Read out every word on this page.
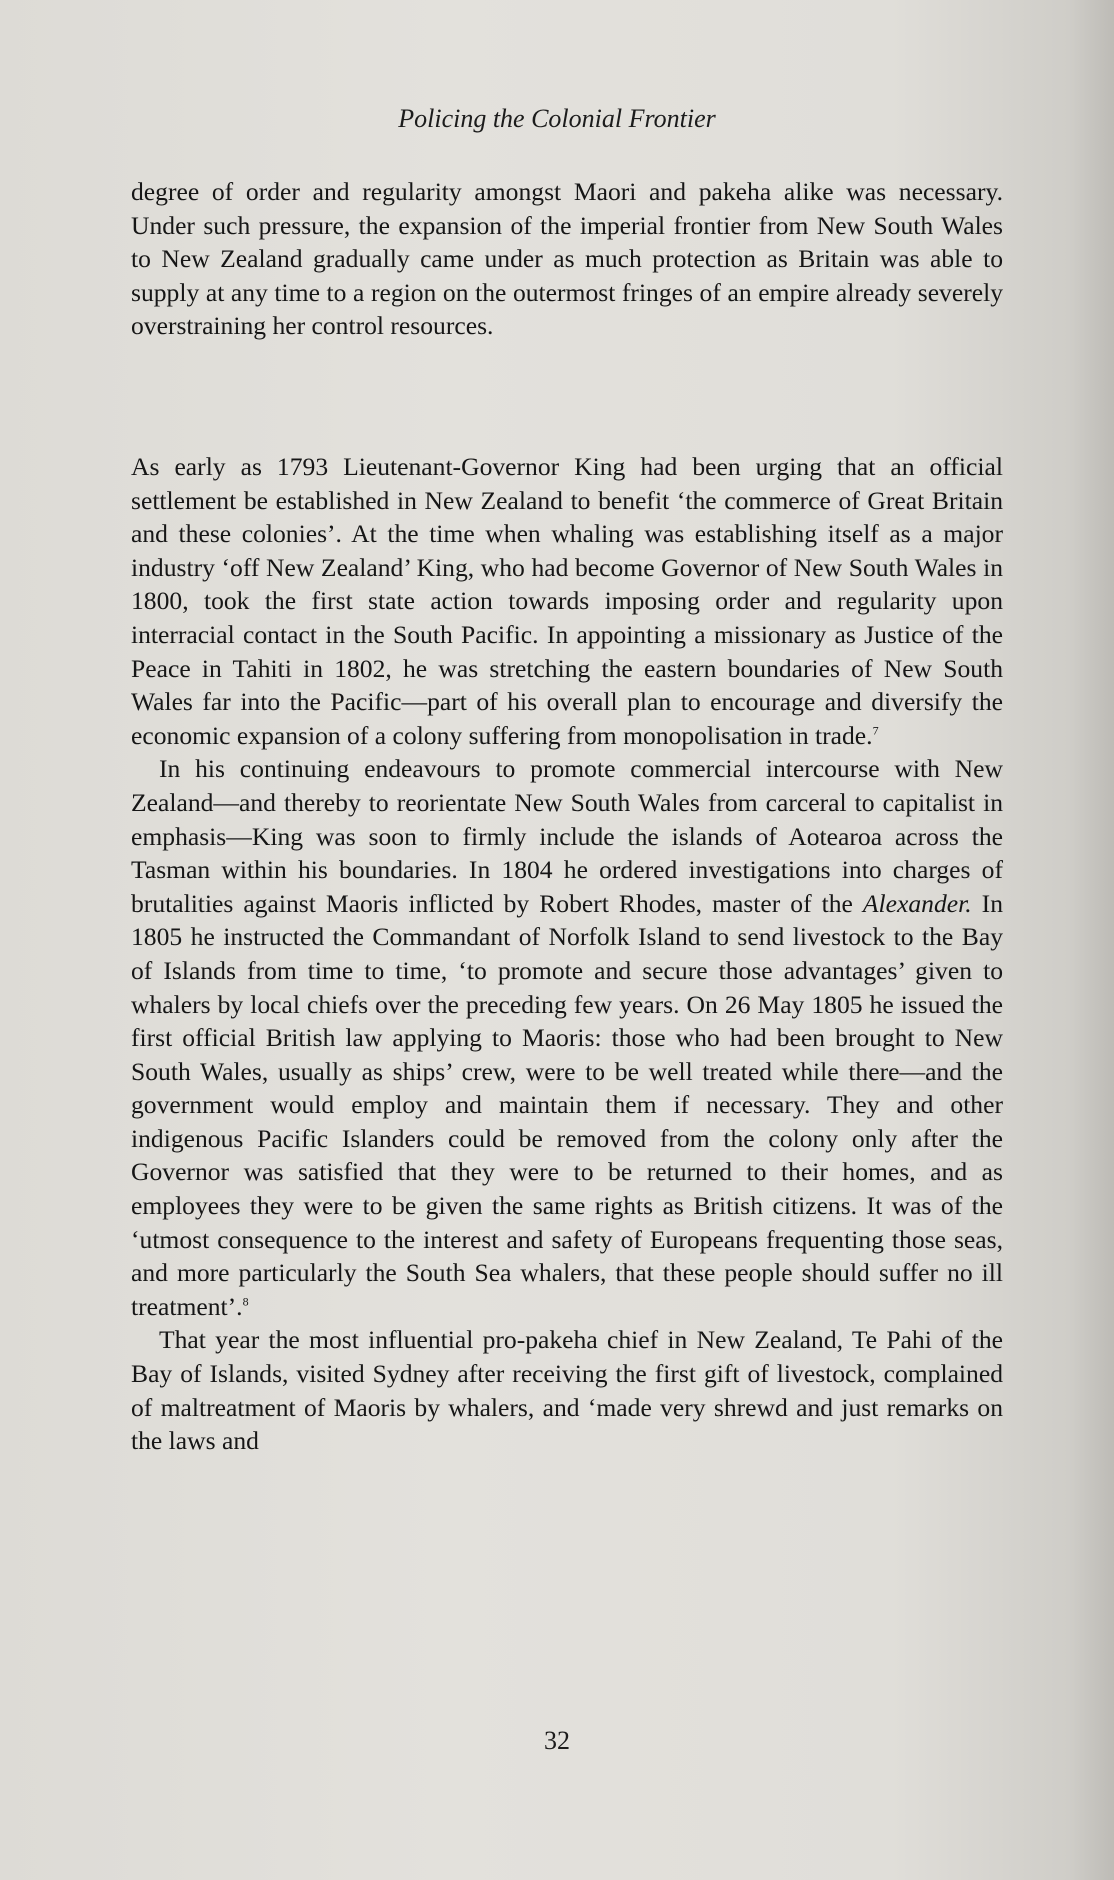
Policing the Colonial Frontier

degree of order and regularity amongst Maori and pakeha alike was necessary. Under such pressure, the expansion of the imperial frontier from New South Wales to New Zealand gradually came under as much protection as Britain was able to supply at any time to a region on the outermost fringes of an empire already severely overstraining her control resources.

As early as 1793 Lieutenant-Governor King had been urging that an official settlement be established in New Zealand to benefit ‘the commerce of Great Britain and these colonies’. At the time when whaling was establishing itself as a major industry ‘off New Zealand’ King, who had become Governor of New South Wales in 1800, took the first state action towards imposing order and regularity upon interracial contact in the South Pacific. In appointing a missionary as Justice of the Peace in Tahiti in 1802, he was stretching the eastern boundaries of New South Wales far into the Pacific—part of his overall plan to encourage and diversify the economic expansion of a colony suffering from monopolisation in trade.$^7$

In his continuing endeavours to promote commercial intercourse with New Zealand—and thereby to reorientate New South Wales from carceral to capitalist in emphasis—King was soon to firmly include the islands of Aotearoa across the Tasman within his boundaries. In 1804 he ordered investigations into charges of brutalities against Maoris inflicted by Robert Rhodes, master of the Alexander. In 1805 he instructed the Commandant of Norfolk Island to send livestock to the Bay of Islands from time to time, ‘to promote and secure those advantages’ given to whalers by local chiefs over the preceding few years. On 26 May 1805 he issued the first official British law applying to Maoris: those who had been brought to New South Wales, usually as ships’ crew, were to be well treated while there—and the government would employ and maintain them if necessary. They and other indigenous Pacific Islanders could be removed from the colony only after the Governor was satisfied that they were to be returned to their homes, and as employees they were to be given the same rights as British citizens. It was of the ‘utmost consequence to the interest and safety of Europeans frequenting those seas, and more particularly the South Sea whalers, that these people should suffer no ill treatment’.$^8$

That year the most influential pro-pakeha chief in New Zealand, Te Pahi of the Bay of Islands, visited Sydney after receiving the first gift of livestock, complained of maltreatment of Maoris by whalers, and ‘made very shrewd and just remarks on the laws and

32
